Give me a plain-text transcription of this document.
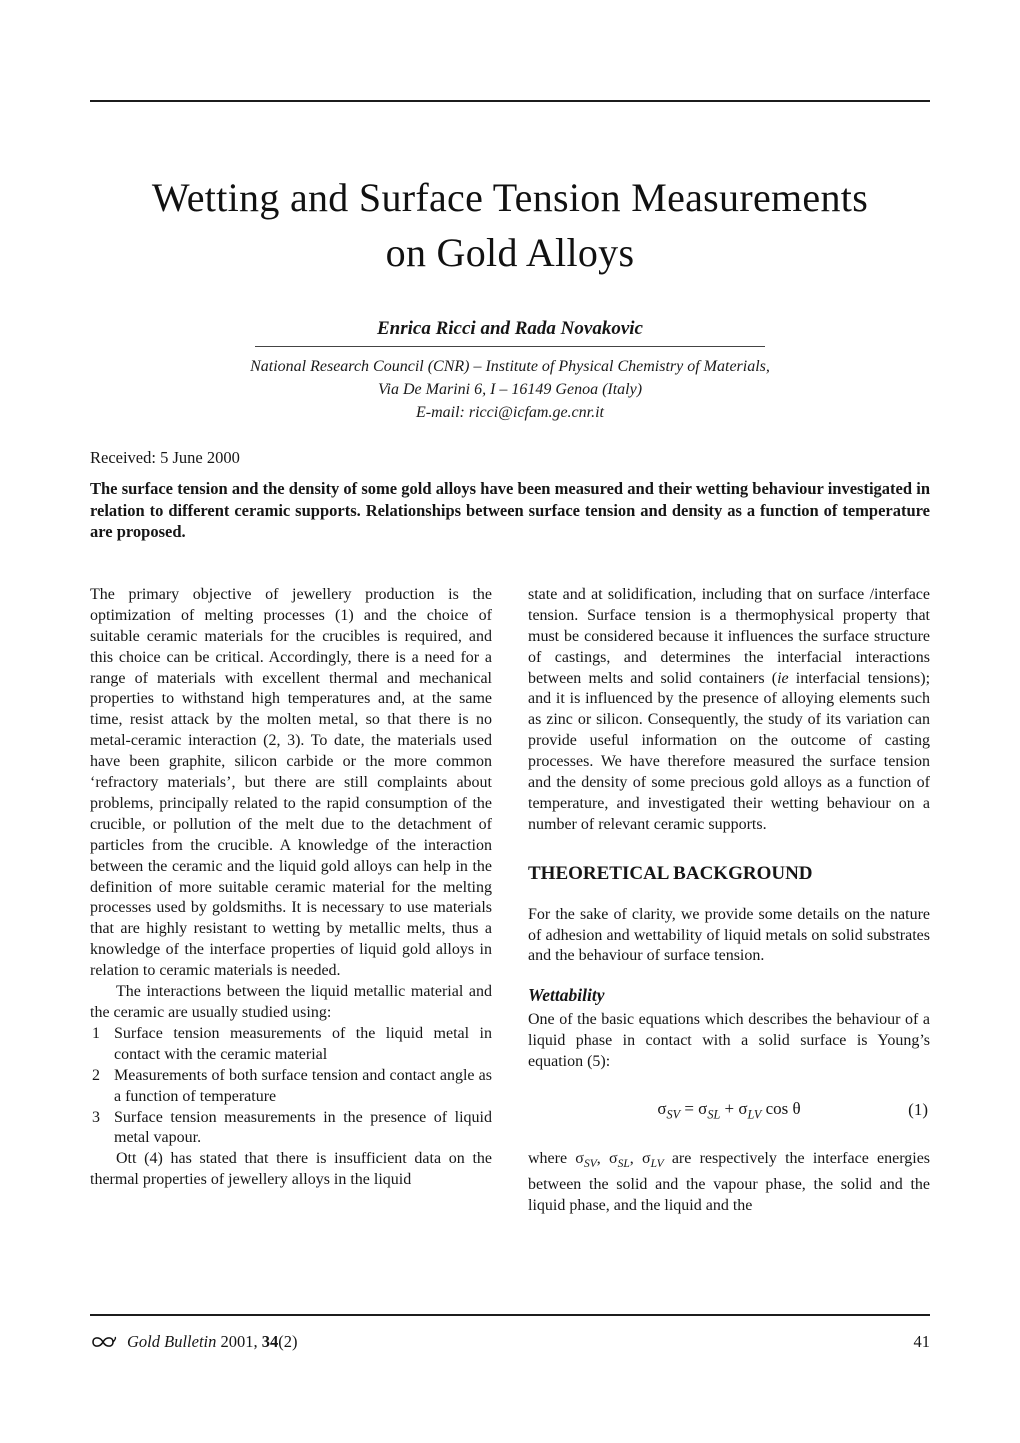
Wetting and Surface Tension Measurements
on Gold Alloys
Enrica Ricci and Rada Novakovic
National Research Council (CNR) – Institute of Physical Chemistry of Materials,
Via De Marini 6, I – 16149 Genoa (Italy)
E-mail: ricci@icfam.ge.cnr.it
Received: 5 June 2000
The surface tension and the density of some gold alloys have been measured and their wetting behaviour investigated in relation to different ceramic supports. Relationships between surface tension and density as a function of temperature are proposed.
The primary objective of jewellery production is the optimization of melting processes (1) and the choice of suitable ceramic materials for the crucibles is required, and this choice can be critical. Accordingly, there is a need for a range of materials with excellent thermal and mechanical properties to withstand high temperatures and, at the same time, resist attack by the molten metal, so that there is no metal-ceramic interaction (2, 3). To date, the materials used have been graphite, silicon carbide or the more common ‘refractory materials’, but there are still complaints about problems, principally related to the rapid consumption of the crucible, or pollution of the melt due to the detachment of particles from the crucible. A knowledge of the interaction between the ceramic and the liquid gold alloys can help in the definition of more suitable ceramic material for the melting processes used by goldsmiths. It is necessary to use materials that are highly resistant to wetting by metallic melts, thus a knowledge of the interface properties of liquid gold alloys in relation to ceramic materials is needed.
The interactions between the liquid metallic material and the ceramic are usually studied using:
1 Surface tension measurements of the liquid metal in contact with the ceramic material
2 Measurements of both surface tension and contact angle as a function of temperature
3 Surface tension measurements in the presence of liquid metal vapour.
Ott (4) has stated that there is insufficient data on the thermal properties of jewellery alloys in the liquid
state and at solidification, including that on surface /interface tension. Surface tension is a thermophysical property that must be considered because it influences the surface structure of castings, and determines the interfacial interactions between melts and solid containers (ie interfacial tensions); and it is influenced by the presence of alloying elements such as zinc or silicon. Consequently, the study of its variation can provide useful information on the outcome of casting processes. We have therefore measured the surface tension and the density of some precious gold alloys as a function of temperature, and investigated their wetting behaviour on a number of relevant ceramic supports.
THEORETICAL BACKGROUND
For the sake of clarity, we provide some details on the nature of adhesion and wettability of liquid metals on solid substrates and the behaviour of surface tension.
Wettability
One of the basic equations which describes the behaviour of a liquid phase in contact with a solid surface is Young’s equation (5):
$\sigma_{SV} = \sigma_{SL} + \sigma_{LV}$ cos θ	(1)
where $\sigma_{SV}$, $\sigma_{SL}$, $\sigma_{LV}$ are respectively the interface energies between the solid and the vapour phase, the solid and the liquid phase, and the liquid and the
Gold Bulletin 2001, 34(2)	41
